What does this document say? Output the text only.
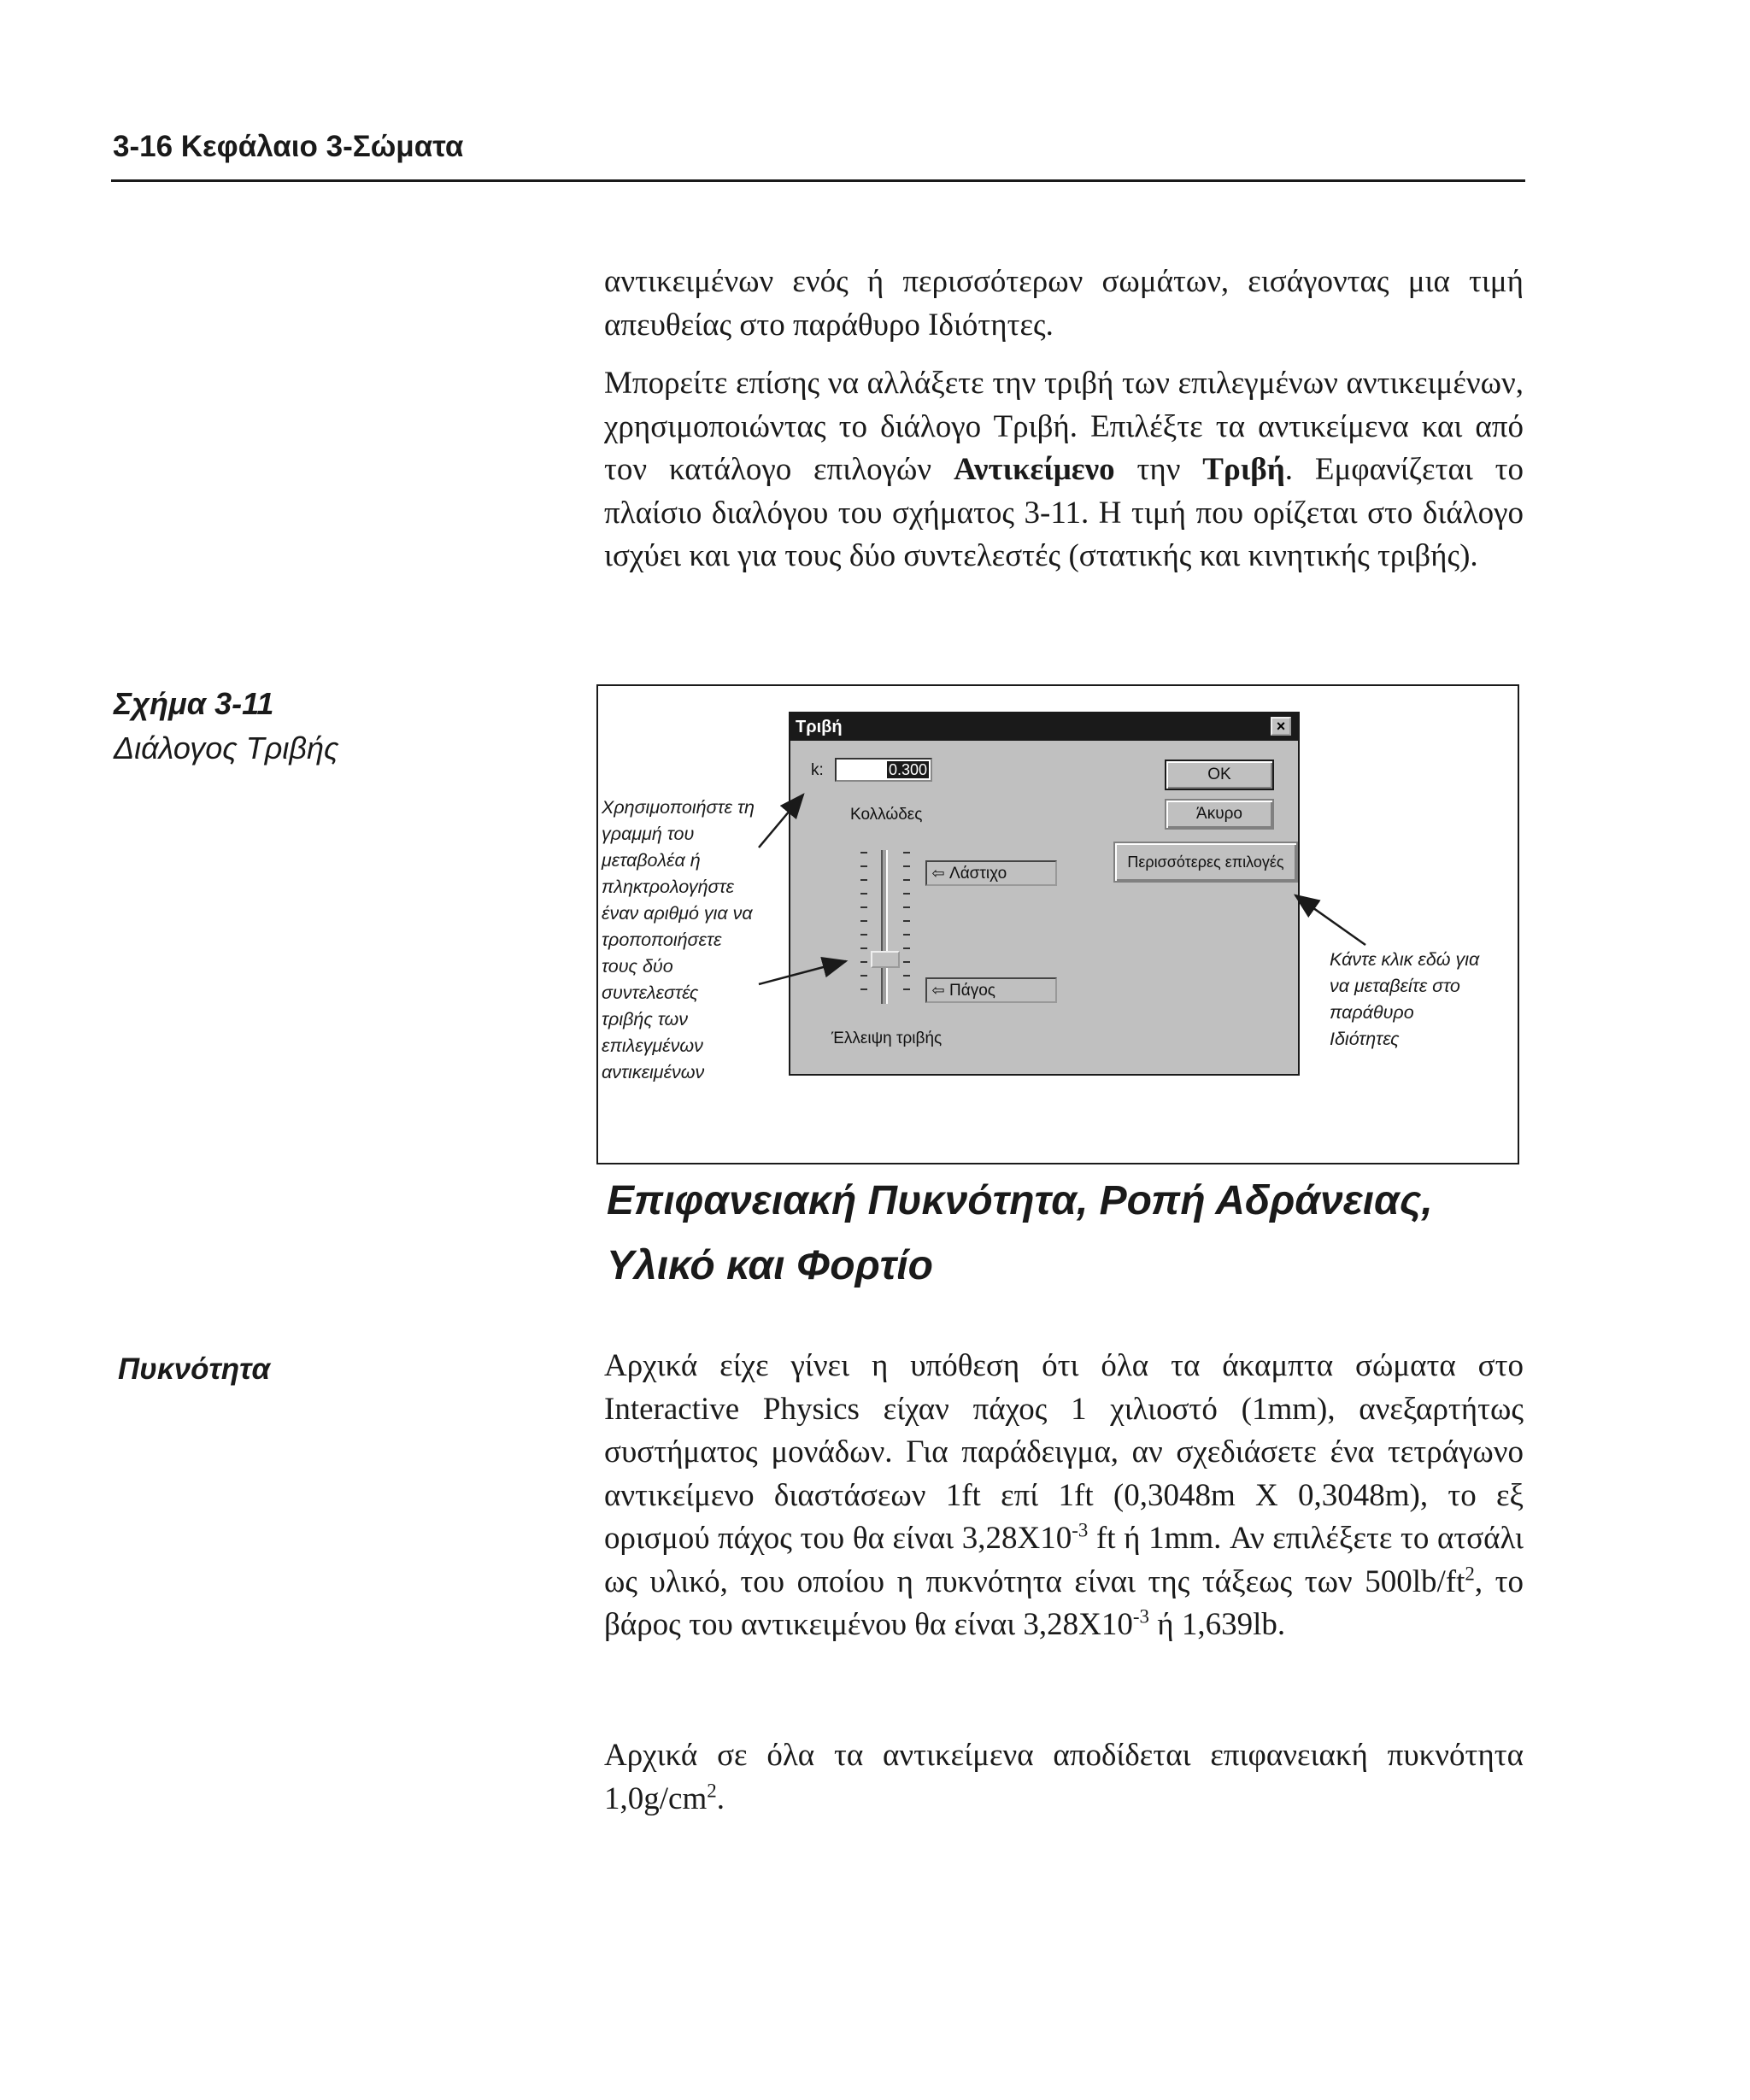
3-16 Κεφάλαιο 3-Σώματα

αντικειμένων ενός ή περισσότερων σωμάτων, εισάγοντας μια τιμή απευθείας στο παράθυρο Ιδιότητες.

Μπορείτε επίσης να αλλάξετε την τριβή των επιλεγμένων αντικειμένων, χρησιμοποιώντας το διάλογο Τριβή. Επιλέξτε τα αντικείμενα και από τον κατάλογο επιλογών Αντικείμενο την Τριβή. Εμφανίζεται το πλαίσιο διαλόγου του σχήματος 3-11. Η τιμή που ορίζεται στο διάλογο ισχύει και για τους δύο συντελεστές (στατικής και κινητικής τριβής).

Σχήμα 3-11
Διάλογος Τριβής
Χρησιμοποιήστε τη
γραμμή του
μεταβολέα ή
πληκτρολογήστε
έναν αριθμό για να
τροποποιήσετε
τους δύο
συντελεστές
τριβής των
επιλεγμένων
αντικειμένων
Κάντε κλικ εδώ για
να μεταβείτε στο
παράθυρο
Ιδιότητες
Τριβή	×
k:	0.300
Κολλώδες
Έλλειψη τριβής
⇦ Λάστιχο
⇦ Πάγος
OK
Άκυρο
Περισσότερες επιλογές

Επιφανειακή Πυκνότητα, Ροπή Αδράνειας,

Υλικό και Φορτίο

Πυκνότητα	Αρχικά είχε γίνει η υπόθεση ότι όλα τα άκαμπτα σώματα στο Interactive Physics είχαν πάχος 1 χιλιοστό (1mm), ανεξαρτήτως συστήματος μονάδων. Για παράδειγμα, αν σχεδιάσετε ένα τετράγωνο αντικείμενο διαστάσεων 1ft επί 1ft (0,3048m X 0,3048m), το εξ ορισμού πάχος του θα είναι $3,28X10^{-3}$ ft ή 1mm. Αν επιλέξετε το ατσάλι ως υλικό, του οποίου η πυκνότητα είναι της τάξεως των $500lb/ft^2$, το βάρος του αντικειμένου θα είναι $3,28X10^{-3}$ ή 1,639lb.

Αρχικά σε όλα τα αντικείμενα αποδίδεται επιφανειακή πυκνότητα $1,0g/cm^2$.
